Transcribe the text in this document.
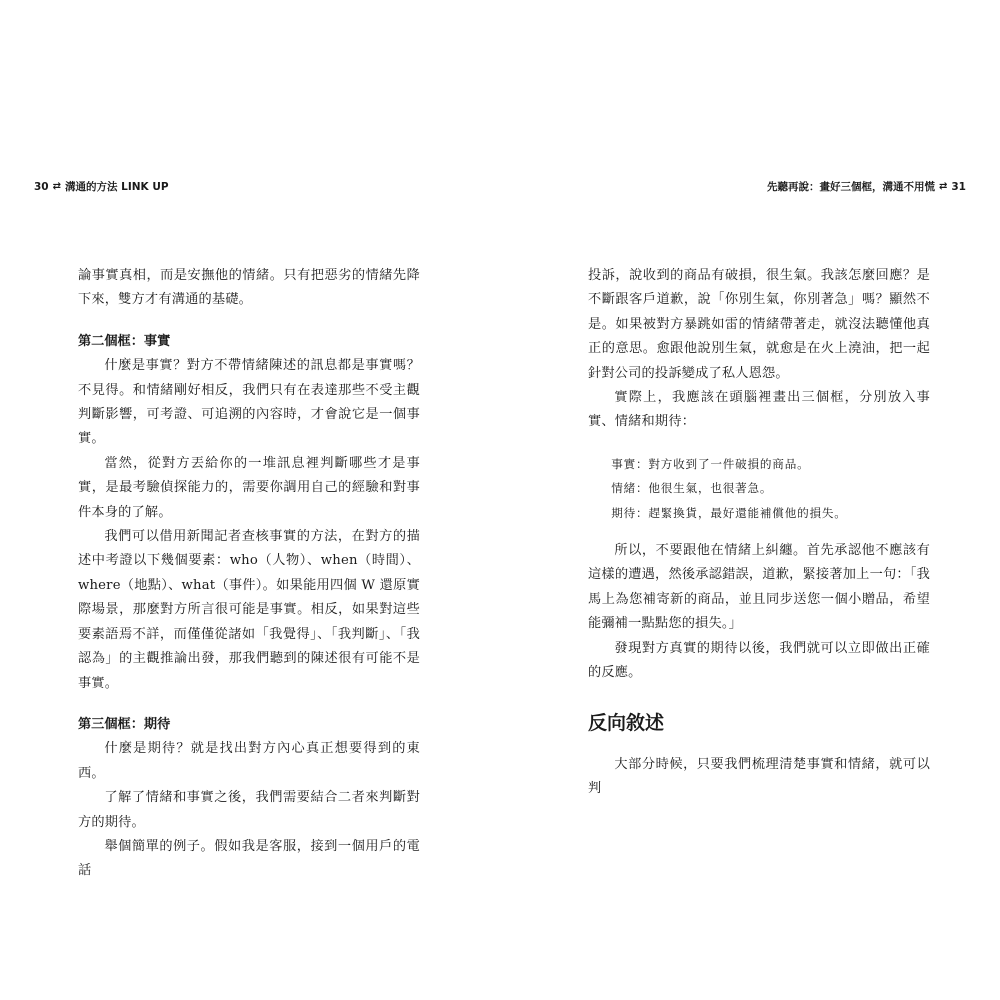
30 ⇄ 溝通的方法 LINK UP	先聽再說：畫好三個框，溝通不用慌 ⇄ 31

論事實真相，而是安撫他的情緒。只有把惡劣的情緒先降下來，雙方才有溝通的基礎。

第二個框：事實

什麼是事實？對方不帶情緒陳述的訊息都是事實嗎？不見得。和情緒剛好相反，我們只有在表達那些不受主觀判斷影響，可考證、可追溯的內容時，才會說它是一個事實。

當然，從對方丟給你的一堆訊息裡判斷哪些才是事實，是最考驗偵探能力的，需要你調用自己的經驗和對事件本身的了解。

我們可以借用新聞記者查核事實的方法，在對方的描述中考證以下幾個要素：who（人物）、when（時間）、where（地點）、what（事件）。如果能用四個 W 還原實際場景，那麼對方所言很可能是事實。相反，如果對這些要素語焉不詳，而僅僅從諸如「我覺得」、「我判斷」、「我認為」的主觀推論出發，那我們聽到的陳述很有可能不是事實。

第三個框：期待

什麼是期待？就是找出對方內心真正想要得到的東西。

了解了情緒和事實之後，我們需要結合二者來判斷對方的期待。

舉個簡單的例子。假如我是客服，接到一個用戶的電話

投訴，說收到的商品有破損，很生氣。我該怎麼回應？是不斷跟客戶道歉，說「你別生氣，你別著急」嗎？顯然不是。如果被對方暴跳如雷的情緒帶著走，就沒法聽懂他真正的意思。愈跟他說別生氣，就愈是在火上澆油，把一起針對公司的投訴變成了私人恩怨。

實際上，我應該在頭腦裡畫出三個框，分別放入事實、情緒和期待：

事實：對方收到了一件破損的商品。

情緒：他很生氣，也很著急。

期待：趕緊換貨，最好還能補償他的損失。

所以，不要跟他在情緒上糾纏。首先承認他不應該有這樣的遭遇，然後承認錯誤，道歉，緊接著加上一句：「我馬上為您補寄新的商品，並且同步送您一個小贈品，希望能彌補一點點您的損失。」

發現對方真實的期待以後，我們就可以立即做出正確的反應。

反向敘述

大部分時候，只要我們梳理清楚事實和情緒，就可以判
